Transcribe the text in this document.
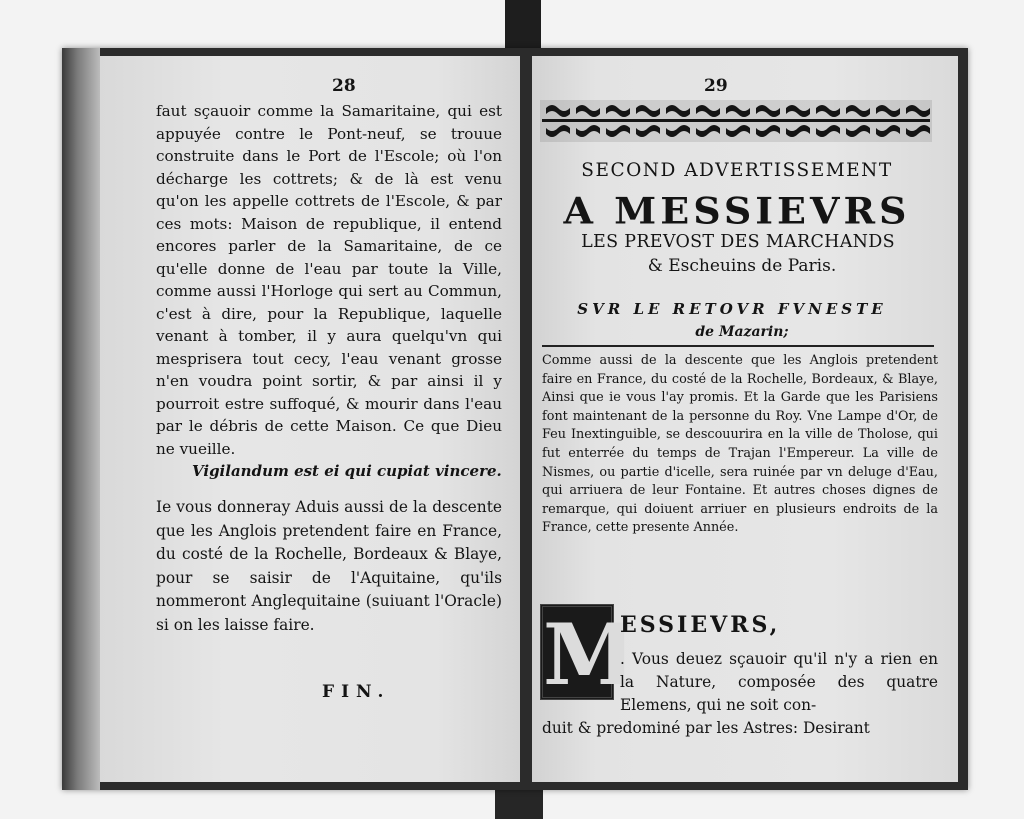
28

faut sçauoir comme la Samaritaine, qui est appuyée contre le Pont-neuf, se trouue construite dans le Port de l'Escole; où l'on décharge les cottrets; & de là est venu qu'on les appelle cottrets de l'Escole, & par ces mots: Maison de republique, il entend encores parler de la Samaritaine, de ce qu'elle donne de l'eau par toute la Ville, comme aussi l'Horloge qui sert au Commun, c'est à dire, pour la Republique, laquelle venant à tomber, il y aura quelqu'vn qui mesprisera tout cecy, l'eau venant grosse n'en voudra point sortir, & par ainsi il y pourroit estre suffoqué, & mourir dans l'eau par le débris de cette Maison. Ce que Dieu ne vueille.

Vigilandum est ei qui cupiat vincere.
Ie vous donneray Aduis aussi de la descente que les Anglois pretendent faire en France, du costé de la Rochelle, Bordeaux & Blaye, pour se saisir de l'Aquitaine, qu'ils nommeront Anglequitaine (suiuant l'Oracle) si on les laisse faire.
FIN.
29
SECOND ADVERTISSEMENT
A MESSIEVRS
LES PREVOST DES MARCHANDS
& Escheuins de Paris.
SVR LE RETOVR FVNESTE
de Mazarin;
Comme aussi de la descente que les Anglois pretendent faire en France, du costé de la Rochelle, Bordeaux, & Blaye, Ainsi que ie vous l'ay promis. Et la Garde que les Parisiens font maintenant de la personne du Roy. Vne Lampe d'Or, de Feu Inextinguible, se descouurira en la ville de Tholose, qui fut enterrée du temps de Trajan l'Empereur. La ville de Nismes, ou partie d'icelle, sera ruinée par vn deluge d'Eau, qui arriuera de leur Fontaine. Et autres choses dignes de remarque, qui doiuent arriuer en plusieurs endroits de la France, cette presente Année.
M
ESSIEVRS,
. Vous deuez sçauoir qu'il n'y a rien en la Nature, composée des quatre Elemens, qui ne soit con-
duit & predominé par les Astres: Desirant
